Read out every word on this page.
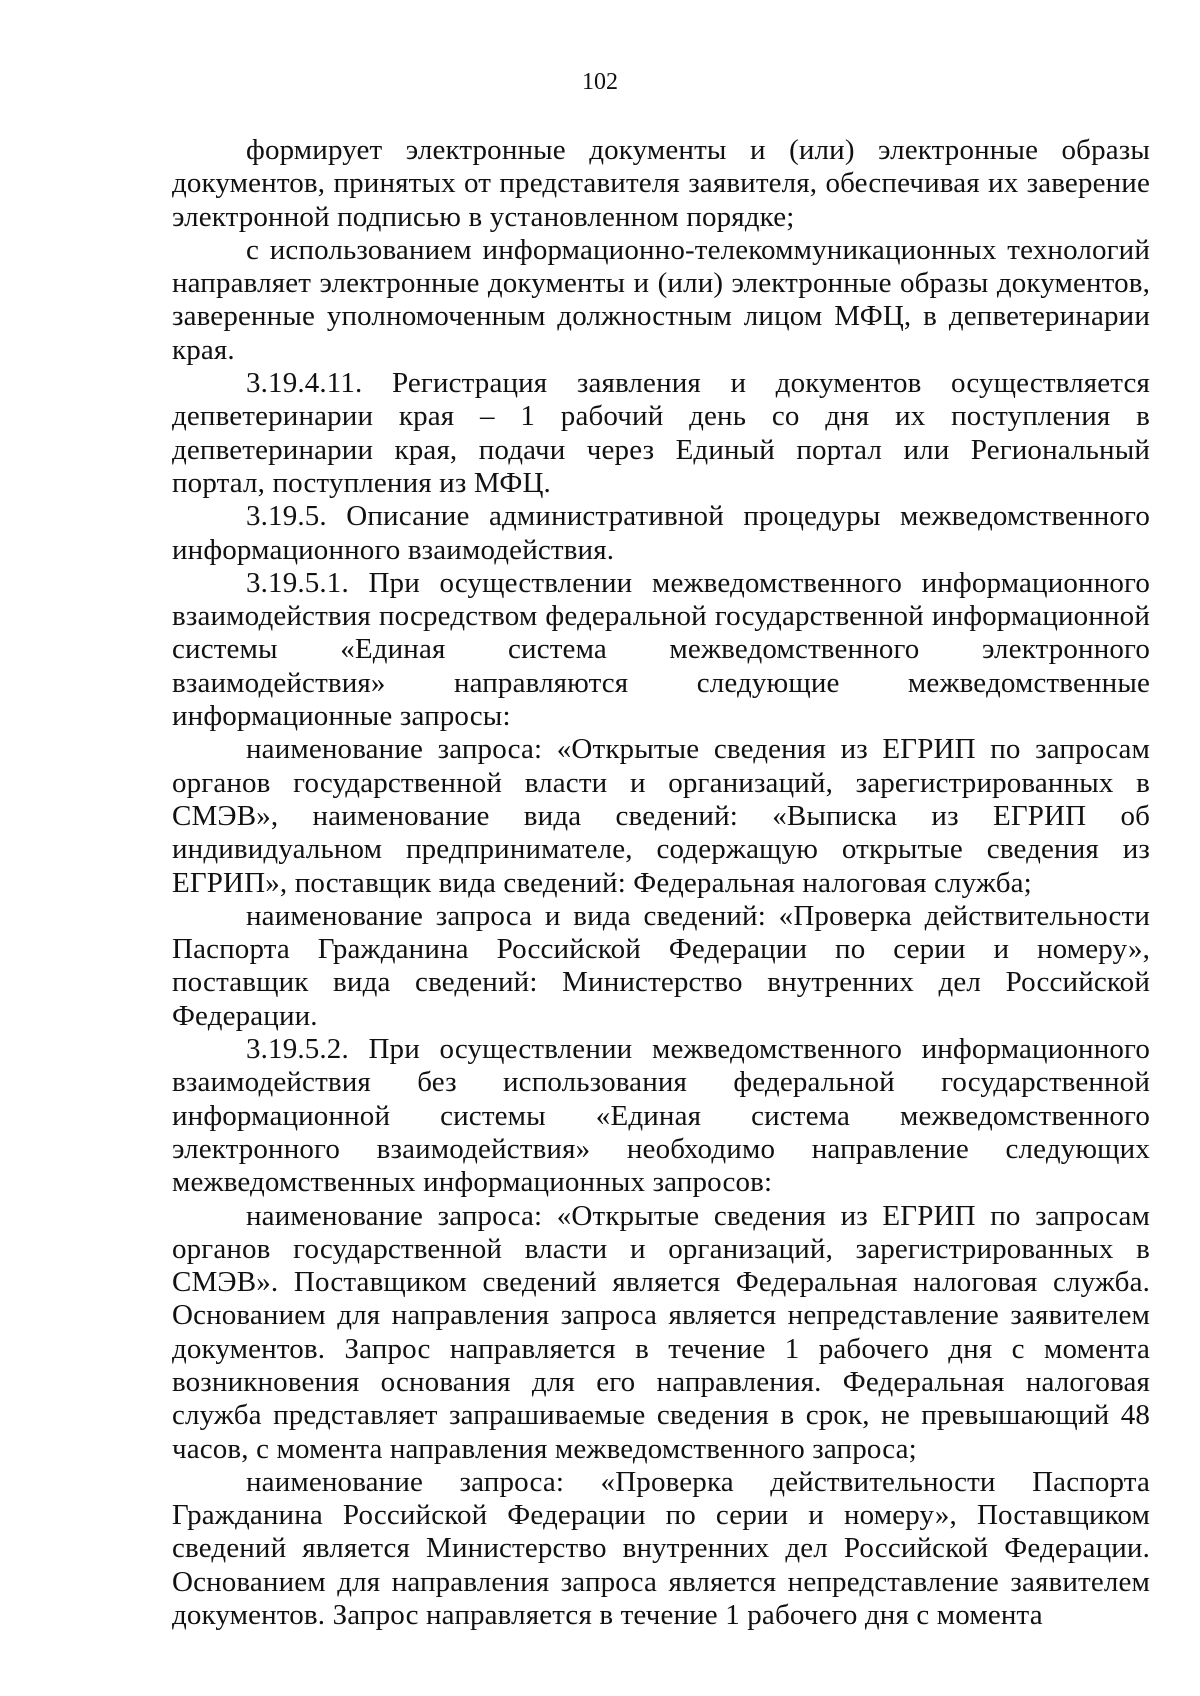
102

формирует электронные документы и (или) электронные образы документов, принятых от представителя заявителя, обеспечивая их заверение электронной подписью в установленном порядке;

с использованием информационно-телекоммуникационных технологий направляет электронные документы и (или) электронные образы документов, заверенные уполномоченным должностным лицом МФЦ, в депветеринарии края.

3.19.4.11. Регистрация заявления и документов осуществляется депветеринарии края – 1 рабочий день со дня их поступления в депветеринарии края, подачи через Единый портал или Региональный портал, поступления из МФЦ.

3.19.5. Описание административной процедуры межведомственного информационного взаимодействия.

3.19.5.1. При осуществлении межведомственного информационного взаимодействия посредством федеральной государственной информационной системы «Единая система межведомственного электронного взаимодействия» направляются следующие межведомственные информационные запросы:

наименование запроса: «Открытые сведения из ЕГРИП по запросам органов государственной власти и организаций, зарегистрированных в СМЭВ», наименование вида сведений: «Выписка из ЕГРИП об индивидуальном предпринимателе, содержащую открытые сведения из ЕГРИП», поставщик вида сведений: Федеральная налоговая служба;

наименование запроса и вида сведений: «Проверка действительности Паспорта Гражданина Российской Федерации по серии и номеру», поставщик вида сведений: Министерство внутренних дел Российской Федерации.

3.19.5.2. При осуществлении межведомственного информационного взаимодействия без использования федеральной государственной информационной системы «Единая система межведомственного электронного взаимодействия» необходимо направление следующих межведомственных информационных запросов:

наименование запроса: «Открытые сведения из ЕГРИП по запросам органов государственной власти и организаций, зарегистрированных в СМЭВ». Поставщиком сведений является Федеральная налоговая служба. Основанием для направления запроса является непредставление заявителем документов. Запрос направляется в течение 1 рабочего дня с момента возникновения основания для его направления. Федеральная налоговая служба представляет запрашиваемые сведения в срок, не превышающий 48 часов, с момента направления межведомственного запроса;

наименование запроса: «Проверка действительности Паспорта Гражданина Российской Федерации по серии и номеру», Поставщиком сведений является Министерство внутренних дел Российской Федерации. Основанием для направления запроса является непредставление заявителем документов. Запрос направляется в течение 1 рабочего дня с момента
